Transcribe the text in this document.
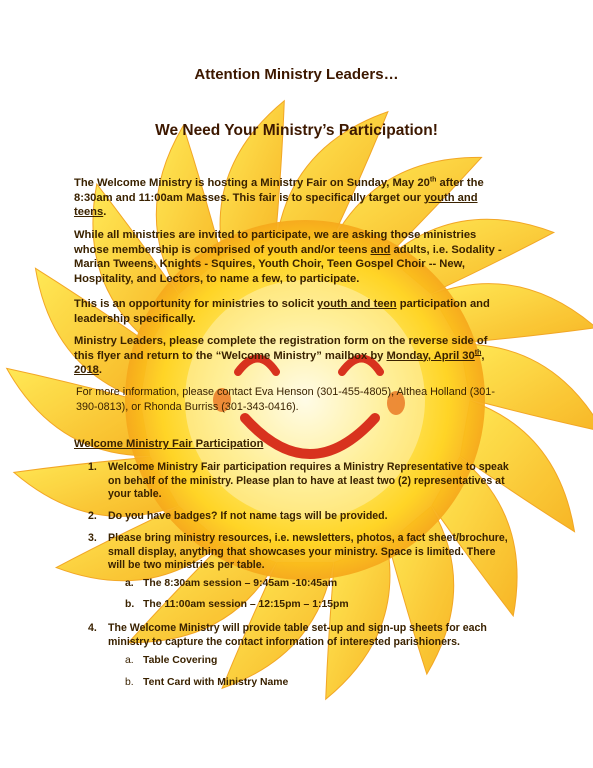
Attention Ministry Leaders…
We Need Your Ministry’s Participation!
The Welcome Ministry is hosting a Ministry Fair on Sunday, May 20th after the
8:30am and 11:00am Masses. This fair is to specifically target our youth and
teens.
While all ministries are invited to participate, we are asking those ministries
whose membership is comprised of youth and/or teens and adults, i.e. Sodality -
Marian Tweens, Knights - Squires, Youth Choir, Teen Gospel Choir -- New,
Hospitality, and Lectors, to name a few, to participate.
This is an opportunity for ministries to solicit youth and teen participation and
leadership specifically.
Ministry Leaders, please complete the registration form on the reverse side of
this flyer and return to the “Welcome Ministry” mailbox by Monday, April 30th,
2018.
For more information, please contact Eva Henson (301-455-4805), Althea Holland (301-
390-0813), or Rhonda Burriss (301-343-0416).
Welcome Ministry Fair Participation
1. Welcome Ministry Fair participation requires a Ministry Representative to speak
on behalf of the ministry. Please plan to have at least two (2) representatives at
your table.
2. Do you have badges? If not name tags will be provided.
3. Please bring ministry resources, i.e. newsletters, photos, a fact sheet/brochure,
small display, anything that showcases your ministry. Space is limited. There
will be two ministries per table.
a. The 8:30am session – 9:45am -10:45am
b. The 11:00am session – 12:15pm – 1:15pm
4. The Welcome Ministry will provide table set-up and sign-up sheets for each
ministry to capture the contact information of interested parishioners.
a. Table Covering
b. Tent Card with Ministry Name
